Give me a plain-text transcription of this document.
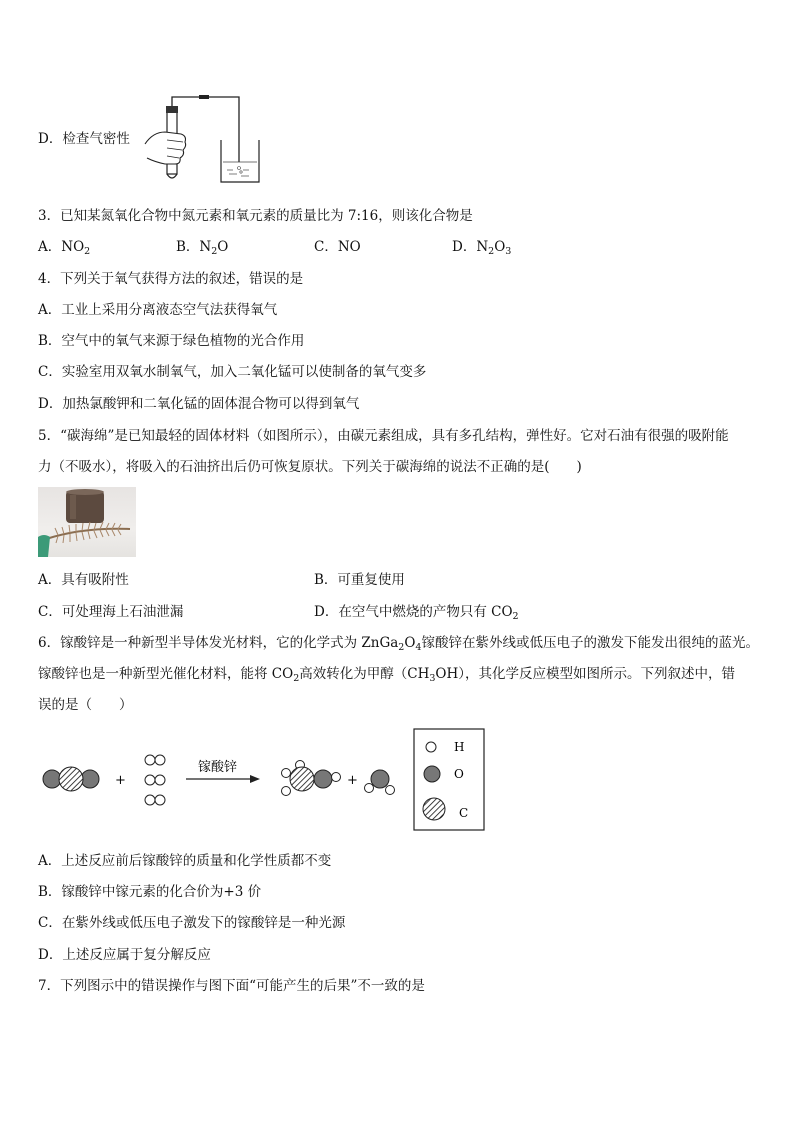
D．检查气密性
3．已知某氮氧化合物中氮元素和氧元素的质量比为 7:16，则该化合物是
A．$NO_2$	B．$N_2O$	C．NO	D．$N_2O_3$
4．下列关于氧气获得方法的叙述，错误的是
A．工业上采用分离液态空气法获得氧气
B．空气中的氧气来源于绿色植物的光合作用
C．实验室用双氧水制氧气，加入二氧化锰可以使制备的氧气变多
D．加热氯酸钾和二氧化锰的固体混合物可以得到氧气
5．“碳海绵”是已知最轻的固体材料（如图所示），由碳元素组成，具有多孔结构，弹性好。它对石油有很强的吸附能
力（不吸水），将吸入的石油挤出后仍可恢复原状。下列关于碳海绵的说法不正确的是(　　)
A．具有吸附性	B．可重复使用
C．可处理海上石油泄漏	D．在空气中燃烧的产物只有 $CO_2$
6．镓酸锌是一种新型半导体发光材料，它的化学式为 $ZnGa_2O_4$镓酸锌在紫外线或低压电子的激发下能发出很纯的蓝光。
镓酸锌也是一种新型光催化材料，能将 $CO_2$高效转化为甲醇$(CH_3OH)$，其化学反应模型如图所示。下列叙述中，错
误的是（　　）
+
镓酸锌
+
H
O
C
A．上述反应前后镓酸锌的质量和化学性质都不变
B．镓酸锌中镓元素的化合价为+3 价
C．在紫外线或低压电子激发下的镓酸锌是一种光源
D．上述反应属于复分解反应
7．下列图示中的错误操作与图下面“可能产生的后果”不一致的是
